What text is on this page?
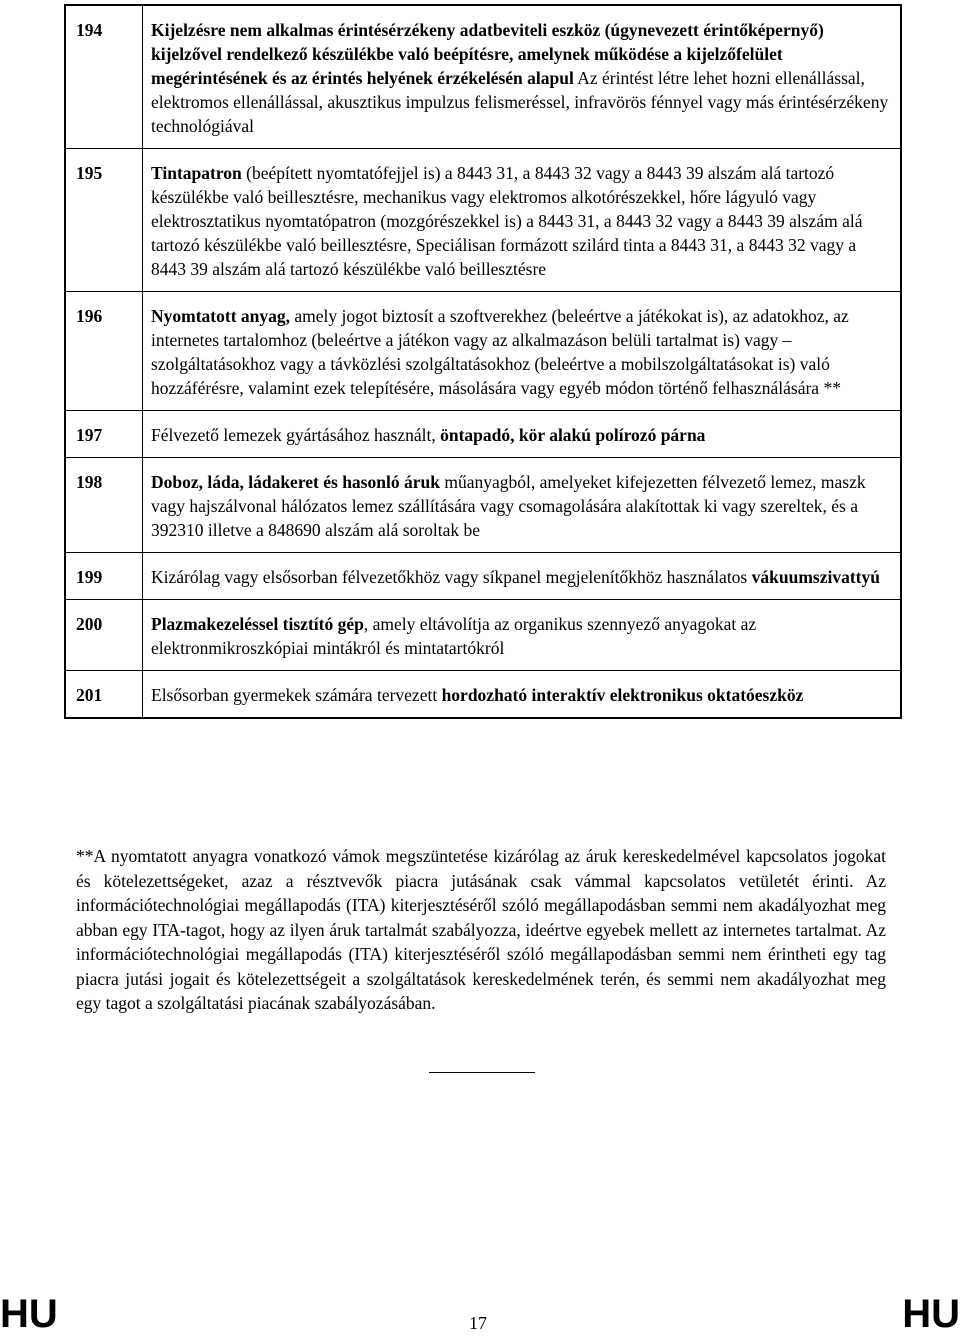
194	Kijelzésre nem alkalmas érintésérzékeny adatbeviteli eszköz (úgynevezett érintőképernyő) kijelzővel rendelkező készülékbe való beépítésre, amelynek működése a kijelzőfelület megérintésének és az érintés helyének érzékelésén alapul Az érintést létre lehet hozni ellenállással, elektromos ellenállással, akusztikus impulzus felismeréssel, infravörös fénnyel vagy más érintésérzékeny technológiával
195	Tintapatron (beépített nyomtatófejjel is) a 8443 31, a 8443 32 vagy a 8443 39 alszám alá tartozó készülékbe való beillesztésre, mechanikus vagy elektromos alkotórészekkel, hőre lágyuló vagy elektrosztatikus nyomtatópatron (mozgórészekkel is) a 8443 31, a 8443 32 vagy a 8443 39 alszám alá tartozó készülékbe való beillesztésre, Speciálisan formázott szilárd tinta a 8443 31, a 8443 32 vagy a 8443 39 alszám alá tartozó készülékbe való beillesztésre
196	Nyomtatott anyag, amely jogot biztosít a szoftverekhez (beleértve a játékokat is), az adatokhoz, az internetes tartalomhoz (beleértve a játékon vagy az alkalmazáson belüli tartalmat is) vagy – szolgáltatásokhoz vagy a távközlési szolgáltatásokhoz (beleértve a mobilszolgáltatásokat is) való hozzáférésre, valamint ezek telepítésére, másolására vagy egyéb módon történő felhasználására **
197	Félvezető lemezek gyártásához használt, öntapadó, kör alakú polírozó párna
198	Doboz, láda, ládakeret és hasonló áruk műanyagból, amelyeket kifejezetten félvezető lemez, maszk vagy hajszálvonal hálózatos lemez szállítására vagy csomagolására alakítottak ki vagy szereltek, és a 392310 illetve a 848690 alszám alá soroltak be
199	Kizárólag vagy elsősorban félvezetőkhöz vagy síkpanel megjelenítőkhöz használatos vákuumszivattyú
200	Plazmakezeléssel tisztító gép, amely eltávolítja az organikus szennyező anyagokat az elektronmikroszkópiai mintákról és mintatartókról
201	Elsősorban gyermekek számára tervezett hordozható interaktív elektronikus oktatóeszköz

**A nyomtatott anyagra vonatkozó vámok megszüntetése kizárólag az áruk kereskedelmével kapcsolatos jogokat és kötelezettségeket, azaz a résztvevők piacra jutásának csak vámmal kapcsolatos vetületét érinti. Az információtechnológiai megállapodás (ITA) kiterjesztéséről szóló megállapodásban semmi nem akadályozhat meg abban egy ITA-tagot, hogy az ilyen áruk tartalmát szabályozza, ideértve egyebek mellett az internetes tartalmat. Az információtechnológiai megállapodás (ITA) kiterjesztéséről szóló megállapodásban semmi nem érintheti egy tag piacra jutási jogait és kötelezettségeit a szolgáltatások kereskedelmének terén, és semmi nem akadályozhat meg egy tagot a szolgáltatási piacának szabályozásában.

HU	17	HU
